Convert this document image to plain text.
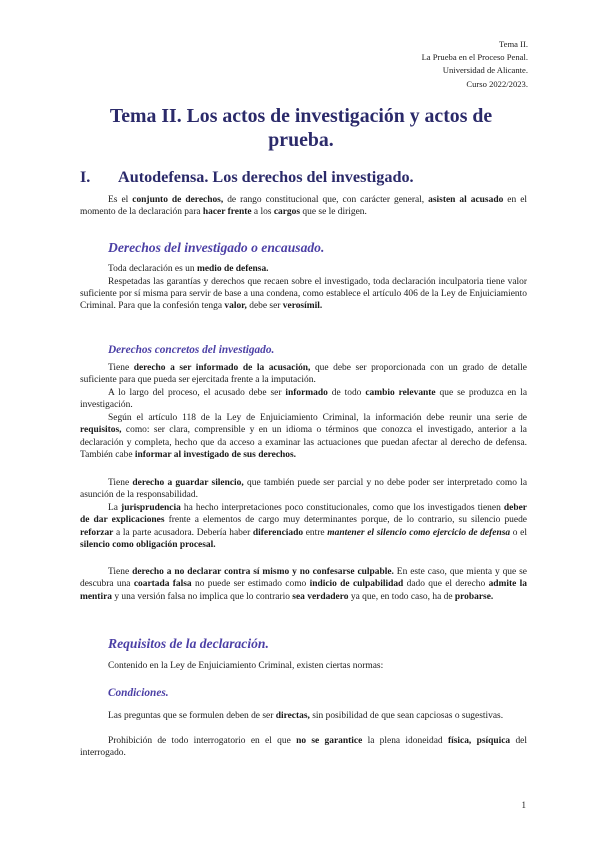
Tema II.
La Prueba en el Proceso Penal.
Universidad de Alicante.
Curso 2022/2023.
Tema II. Los actos de investigación y actos de prueba.
I. Autodefensa. Los derechos del investigado.

Es el conjunto de derechos, de rango constitucional que, con carácter general, asisten al acusado en el momento de la declaración para hacer frente a los cargos que se le dirigen.

Derechos del investigado o encausado.

Toda declaración es un medio de defensa.

Respetadas las garantías y derechos que recaen sobre el investigado, toda declaración inculpatoria tiene valor suficiente por sí misma para servir de base a una condena, como establece el artículo 406 de la Ley de Enjuiciamiento Criminal. Para que la confesión tenga valor, debe ser verosímil.

Derechos concretos del investigado.

Tiene derecho a ser informado de la acusación, que debe ser proporcionada con un grado de detalle suficiente para que pueda ser ejercitada frente a la imputación.

A lo largo del proceso, el acusado debe ser informado de todo cambio relevante que se produzca en la investigación.

Según el artículo 118 de la Ley de Enjuiciamiento Criminal, la información debe reunir una serie de requisitos, como: ser clara, comprensible y en un idioma o términos que conozca el investigado, anterior a la declaración y completa, hecho que da acceso a examinar las actuaciones que puedan afectar al derecho de defensa. También cabe informar al investigado de sus derechos.

Tiene derecho a guardar silencio, que también puede ser parcial y no debe poder ser interpretado como la asunción de la responsabilidad.

La jurisprudencia ha hecho interpretaciones poco constitucionales, como que los investigados tienen deber de dar explicaciones frente a elementos de cargo muy determinantes porque, de lo contrario, su silencio puede reforzar a la parte acusadora. Debería haber diferenciado entre mantener el silencio como ejercicio de defensa o el silencio como obligación procesal.

Tiene derecho a no declarar contra sí mismo y no confesarse culpable. En este caso, que mienta y que se descubra una coartada falsa no puede ser estimado como indicio de culpabilidad dado que el derecho admite la mentira y una versión falsa no implica que lo contrario sea verdadero ya que, en todo caso, ha de probarse.

Requisitos de la declaración.

Contenido en la Ley de Enjuiciamiento Criminal, existen ciertas normas:

Condiciones.

Las preguntas que se formulen deben de ser directas, sin posibilidad de que sean capciosas o sugestivas.

Prohibición de todo interrogatorio en el que no se garantice la plena idoneidad física, psíquica del interrogado.

1
